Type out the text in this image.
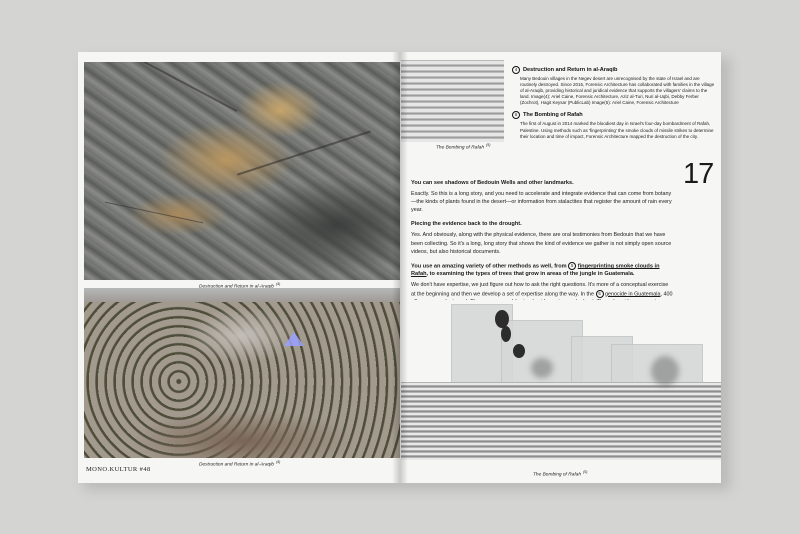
$^{(4)}$
Destruction and Return in al-Araqib$^{(4)}$
MONO.KULTUR #48
The Bombing of Rafah$^{(5)}$
4 Destruction and Return in al-Araqib
Many Bedouin villages in the Negev desert are unrecognised by the state of Israel and are routinely destroyed. Since 2015, Forensic Architecture has collaborated with families in the village of al-Araqib, providing historical and juridical evidence that supports the villagers' claims to the land. Image(4): Ariel Caine, Forensic Architecture, Aziz al-Turi, Nuri al-Uqbi, Debby Ferber (Zochrot), Hagit Keysar (PublicLab) Image(5): Ariel Caine, Forensic Architecture
5 The Bombing of Rafah
The first of August in 2014 marked the bloodiest day in Israel's four-day bombardment of Rafah, Palestine. Using methods such as 'fingerprinting' the smoke clouds of missile strikes to determine their location and time of impact, Forensic Architecture mapped the destruction of the city.
17

You can see shadows of Bedouin Wells and other landmarks.

Exactly. So this is a long story, and you need to accelerate and integrate evidence that can come from botany—the kinds of plants found in the desert—or information from stalactites that register the amount of rain every year.

Piecing the evidence back to the drought.

Yes. And obviously, along with the physical evidence, there are oral testimonies from Bedouin that we have been collecting. So it's a long, long story that shows the kind of evidence we gather is not simply open source videos, but also historical documents.

You use an amazing variety of other methods as well, from 5 fingerprinting smoke clouds in Rafah, to examining the types of trees that grow in areas of the jungle in Guatemala.

We don't have expertise, we just figure out how to ask the right questions. It's more of a conceptual exercise at the beginning and then we develop a set of expertise along the way. In the 6 genocide in Guatemala, 400

The Bombing of Rafah$^{(5)}$
